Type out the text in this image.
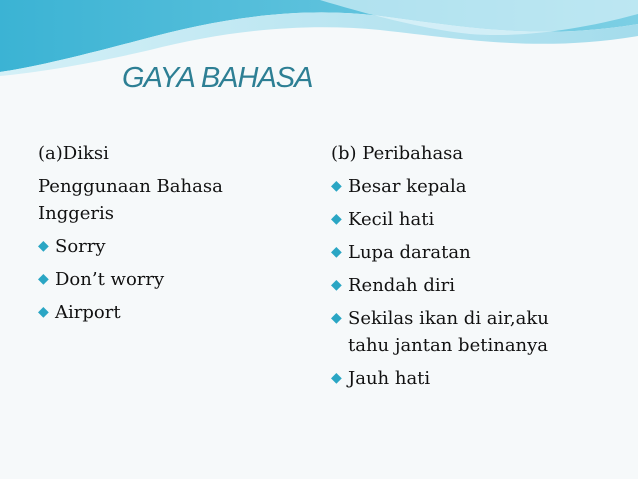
GAYA BAHASA
(a)Diksi
Penggunaan Bahasa Inggeris
◆ Sorry
◆ Don’t worry
◆ Airport
(b) Peribahasa
◆ Besar kepala
◆ Kecil hati
◆ Lupa daratan
◆ Rendah diri
◆ Sekilas ikan di air,aku tahu jantan betinanya
◆ Jauh hati
